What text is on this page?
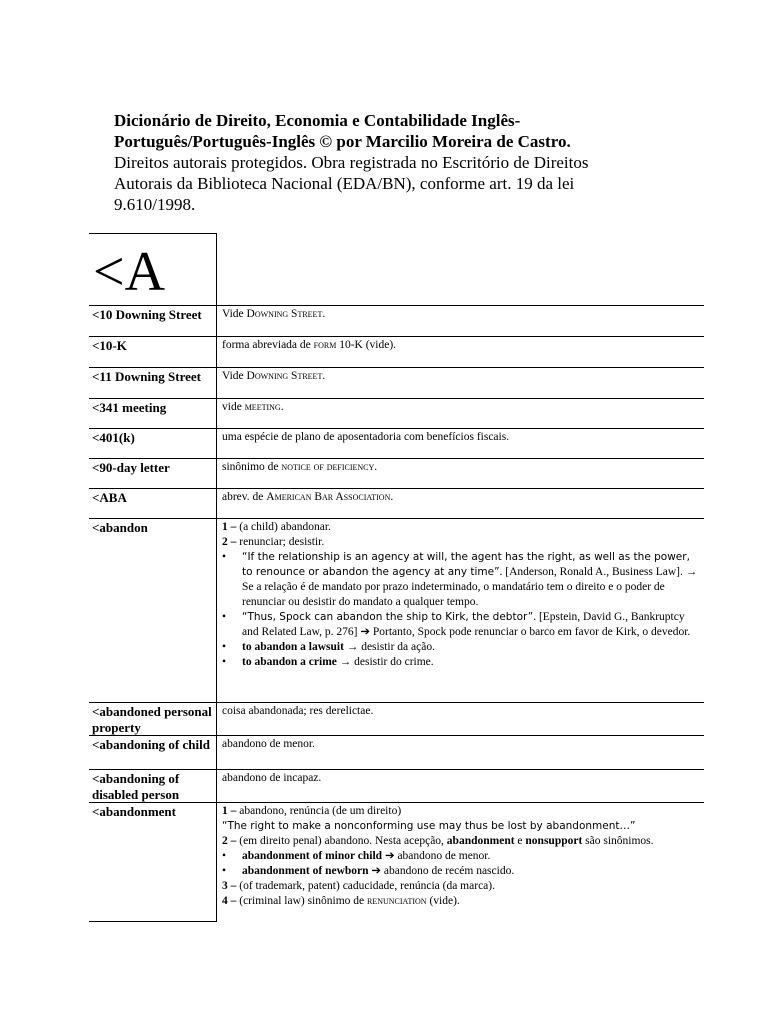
Dicionário de Direito, Economia e Contabilidade Inglês-
Português/Português-Inglês © por Marcilio Moreira de Castro.

Direitos autorais protegidos. Obra registrada no Escritório de Direitos
Autorais da Biblioteca Nacional (EDA/BN), conforme art. 19 da lei
9.610/1998.

<A
<10 Downing Street	Vide Downing Street.
<10-K	forma abreviada de form 10-K (vide).
<11 Downing Street	Vide Downing Street.
<341 meeting	vide meeting.
<401(k)	uma espécie de plano de aposentadoria com benefícios fiscais.
<90-day letter	sinônimo de notice of deficiency.
<ABA	abrev. de American Bar Association.
<abandon	1 – (a child) abandonar.

2 – renunciar; desistir.

• “If the relationship is an agency at will, the agent has the right, as well as the power, to renounce or abandon the agency at any time”. [Anderson, Ronald A., Business Law]. → Se a relação é de mandato por prazo indeterminado, o mandatário tem o direito e o poder de renunciar ou desistir do mandato a qualquer tempo.
• “Thus, Spock can abandon the ship to Kirk, the debtor”. [Epstein, David G., Bankruptcy and Related Law, p. 276] ➔ Portanto, Spock pode renunciar o barco em favor de Kirk, o devedor.
• to abandon a lawsuit → desistir da ação.
• to abandon a crime → desistir do crime.
<abandoned personal property
coisa abandonada; res derelictae.
<abandoning of child	abandono de menor.
<abandoning of disabled person
abandono de incapaz.
<abandonment	1 – abandono, renúncia (de um direito)

“The right to make a nonconforming use may thus be lost by abandonment…”

2 – (em direito penal) abandono. Nesta acepção, abandonment e nonsupport são sinônimos.

• abandonment of minor child ➔ abandono de menor.
• abandonment of newborn ➔ abandono de recém nascido.

3 – (of trademark, patent) caducidade, renúncia (da marca).

4 – (criminal law) sinônimo de renunciation (vide).
